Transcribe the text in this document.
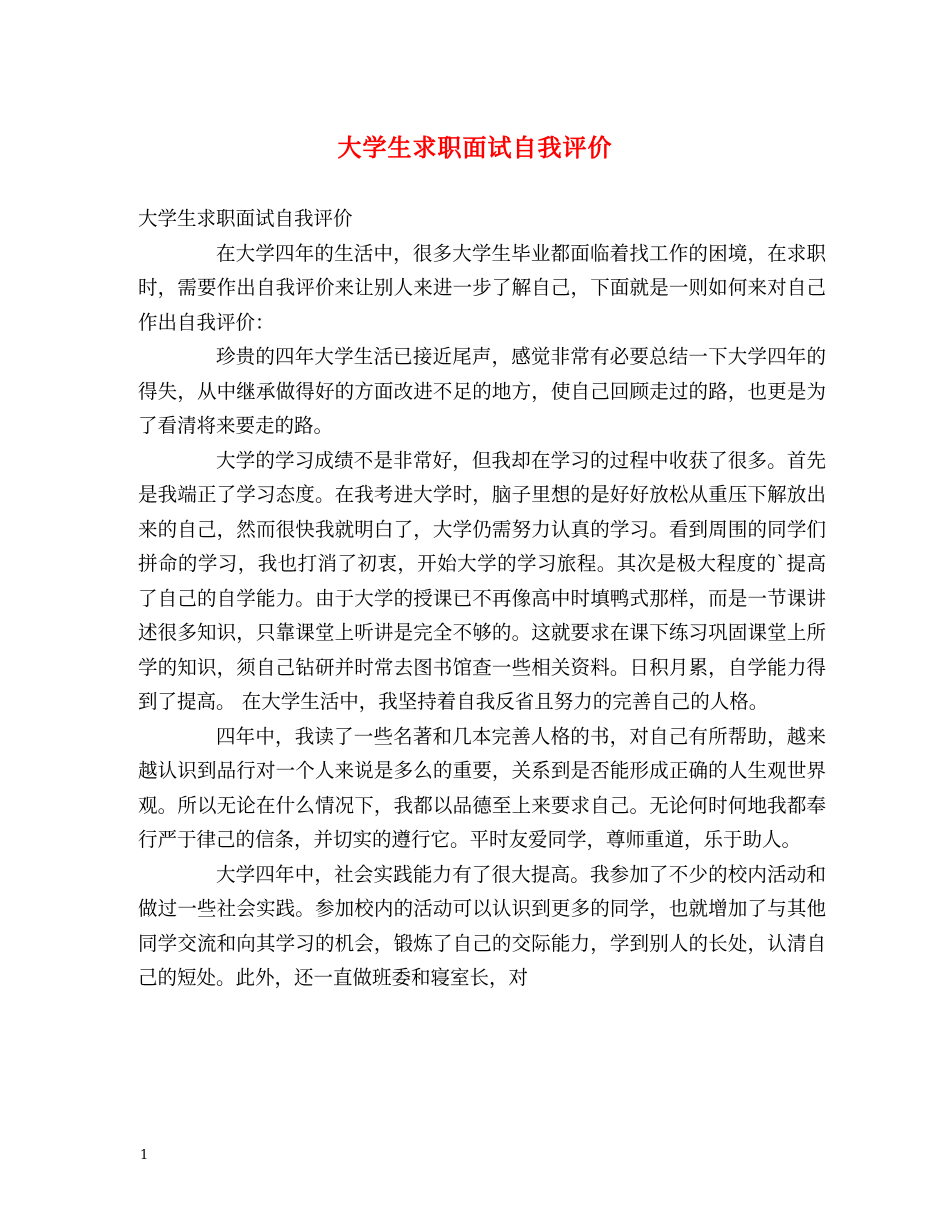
大学生求职面试自我评价

大学生求职面试自我评价

在大学四年的生活中，很多大学生毕业都面临着找工作的困境，在求职时，需要作出自我评价来让别人来进一步了解自己，下面就是一则如何来对自己作出自我评价：

珍贵的四年大学生活已接近尾声，感觉非常有必要总结一下大学四年的得失，从中继承做得好的方面改进不足的地方，使自己回顾走过的路，也更是为了看清将来要走的路。

大学的学习成绩不是非常好，但我却在学习的过程中收获了很多。首先是我端正了学习态度。在我考进大学时，脑子里想的是好好放松从重压下解放出来的自己，然而很快我就明白了，大学仍需努力认真的学习。看到周围的同学们拼命的学习，我也打消了初衷，开始大学的学习旅程。其次是极大程度的`提高了自己的自学能力。由于大学的授课已不再像高中时填鸭式那样，而是一节课讲述很多知识，只靠课堂上听讲是完全不够的。这就要求在课下练习巩固课堂上所学的知识，须自己钻研并时常去图书馆查一些相关资料。日积月累，自学能力得到了提高。 在大学生活中，我坚持着自我反省且努力的完善自己的人格。

四年中，我读了一些名著和几本完善人格的书，对自己有所帮助，越来越认识到品行对一个人来说是多么的重要，关系到是否能形成正确的人生观世界观。所以无论在什么情况下，我都以品德至上来要求自己。无论何时何地我都奉行严于律己的信条，并切实的遵行它。平时友爱同学，尊师重道，乐于助人。

大学四年中，社会实践能力有了很大提高。我参加了不少的校内活动和做过一些社会实践。参加校内的活动可以认识到更多的同学，也就增加了与其他同学交流和向其学习的机会，锻炼了自己的交际能力，学到别人的长处，认清自己的短处。此外，还一直做班委和寝室长，对

1
